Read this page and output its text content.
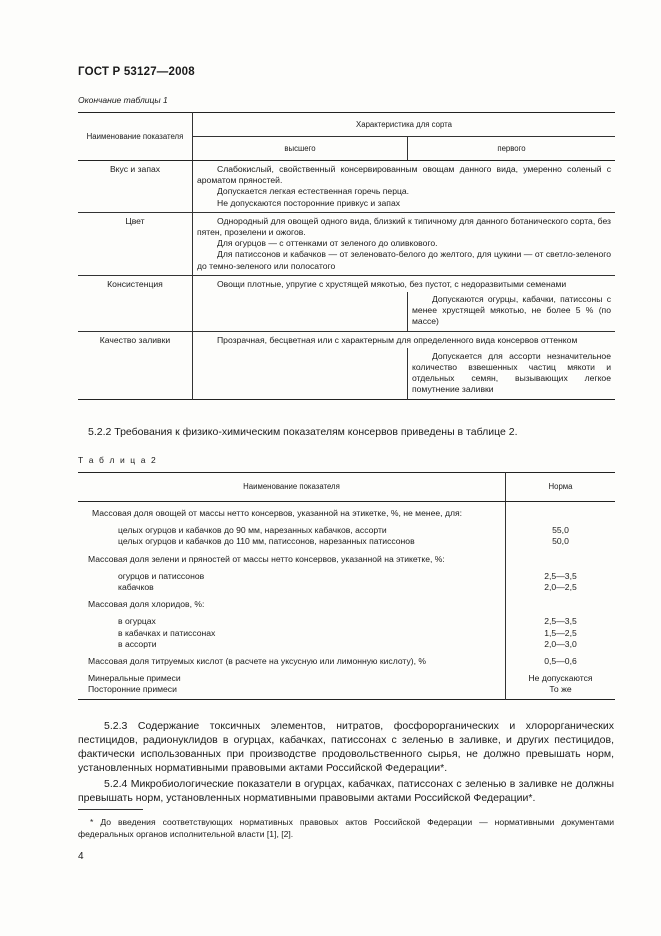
ГОСТ Р 53127—2008
Окончание таблицы 1
Наименование показателя	Характеристика для сорта	
	высшего	первого
Вкус и запах	Слабокислый, свойственный консервированным овощам данного вида, умеренно соленый с ароматом пряностей.
Допускается легкая естественная горечь перца.
Не допускаются посторонние привкус и запах	

Цвет	Однородный для овощей одного вида, близкий к типичному для данного ботанического сорта, без пятен, прозелени и ожогов.
Для огурцов — с оттенками от зеленого до оливкового.
Для патиссонов и кабачков — от зеленовато-белого до желтого, для цукини — от светло-зеленого до темно-зеленого или полосатого	

Консистенция	Овощи плотные, упругие с хрустящей мякотью, без пустот, с недоразвитыми семенами	

		Допускаются огурцы, кабачки, патиссоны с менее хрустящей мякотью, не более 5 % (по массе)

Качество заливки	Прозрачная, бесцветная или с характерным для определенного вида консервов оттенком	

		Допускается для ассорти незначительное количество взвешенных частиц мякоти и отдельных семян, вызывающих легкое помутнение заливки
5.2.2 Требования к физико-химическим показателям консервов приведены в таблице 2.
Т а б л и ц а 2
Наименование показателя	Норма

Массовая доля овощей от массы нетто консервов, указанной на этикетке, %, не менее, для:	

целых огурцов и кабачков до 90 мм, нарезанных кабачков, ассорти	55,0
целых огурцов и кабачков до 110 мм, патиссонов, нарезанных патиссонов	50,0

Массовая доля зелени и пряностей от массы нетто консервов, указанной на этикетке, %:	

огурцов и патиссонов	2,5—3,5
кабачков	2,0—2,5

Массовая доля хлоридов, %:	

в огурцах	2,5—3,5
в кабачках и патиссонах	1,5—2,5
в ассорти	2,0—3,0

Массовая доля титруемых кислот (в расчете на уксусную или лимонную кислоту), %	0,5—0,6

Минеральные примеси	Не допускаются
Посторонние примеси	То же
5.2.3 Содержание токсичных элементов, нитратов, фосфорорганических и хлорорганических пестицидов, радионуклидов в огурцах, кабачках, патиссонах с зеленью в заливке, и других пестицидов, фактически использованных при производстве продовольственного сырья, не должно превышать норм, установленных нормативными правовыми актами Российской Федерации*.
5.2.4 Микробиологические показатели в огурцах, кабачках, патиссонах с зеленью в заливке не должны превышать норм, установленных нормативными правовыми актами Российской Федерации*.
* До введения соответствующих нормативных правовых актов Российской Федерации — нормативными документами федеральных органов исполнительной власти [1], [2].
4
